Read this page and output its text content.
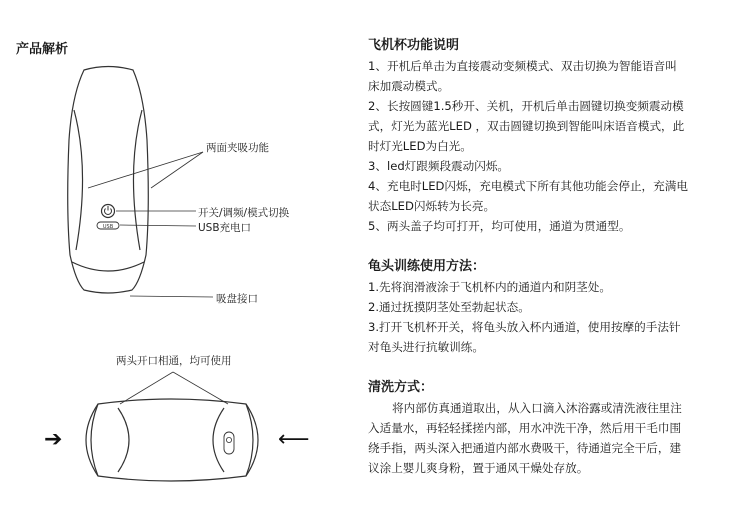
产品解析
USB
➔	⟵
两面夹吸功能
开关/调频/模式切换
USB充电口
吸盘接口
两头开口相通，均可使用
飞机杯功能说明
1、开机后单击为直接震动变频模式、双击切换为智能语音叫
床加震动模式。
2、长按圆键1.5秒开、关机，开机后单击圆键切换变频震动模
式，灯光为蓝光LED ，双击圆键切换到智能叫床语音模式，此
时灯光LED为白光。
3、led灯跟频段震动闪烁。
4、充电时LED闪烁，充电模式下所有其他功能会停止，充满电
状态LED闪烁转为长亮。
5、两头盖子均可打开，均可使用，通道为贯通型。
龟头训练使用方法：
1.先将润滑液涂于飞机杯内的通道内和阴茎处。
2.通过抚摸阴茎处至勃起状态。
3.打开飞机杯开关，将龟头放入杯内通道，使用按摩的手法针
对龟头进行抗敏训练。
清洗方式：
将内部仿真通道取出，从入口滴入沐浴露或清洗液往里注
入适量水，再轻轻揉搓内部，用水冲洗干净，然后用干毛巾围
绕手指，两头深入把通道内部水费吸干，待通道完全干后，建
议涂上婴儿爽身粉，置于通风干燥处存放。
